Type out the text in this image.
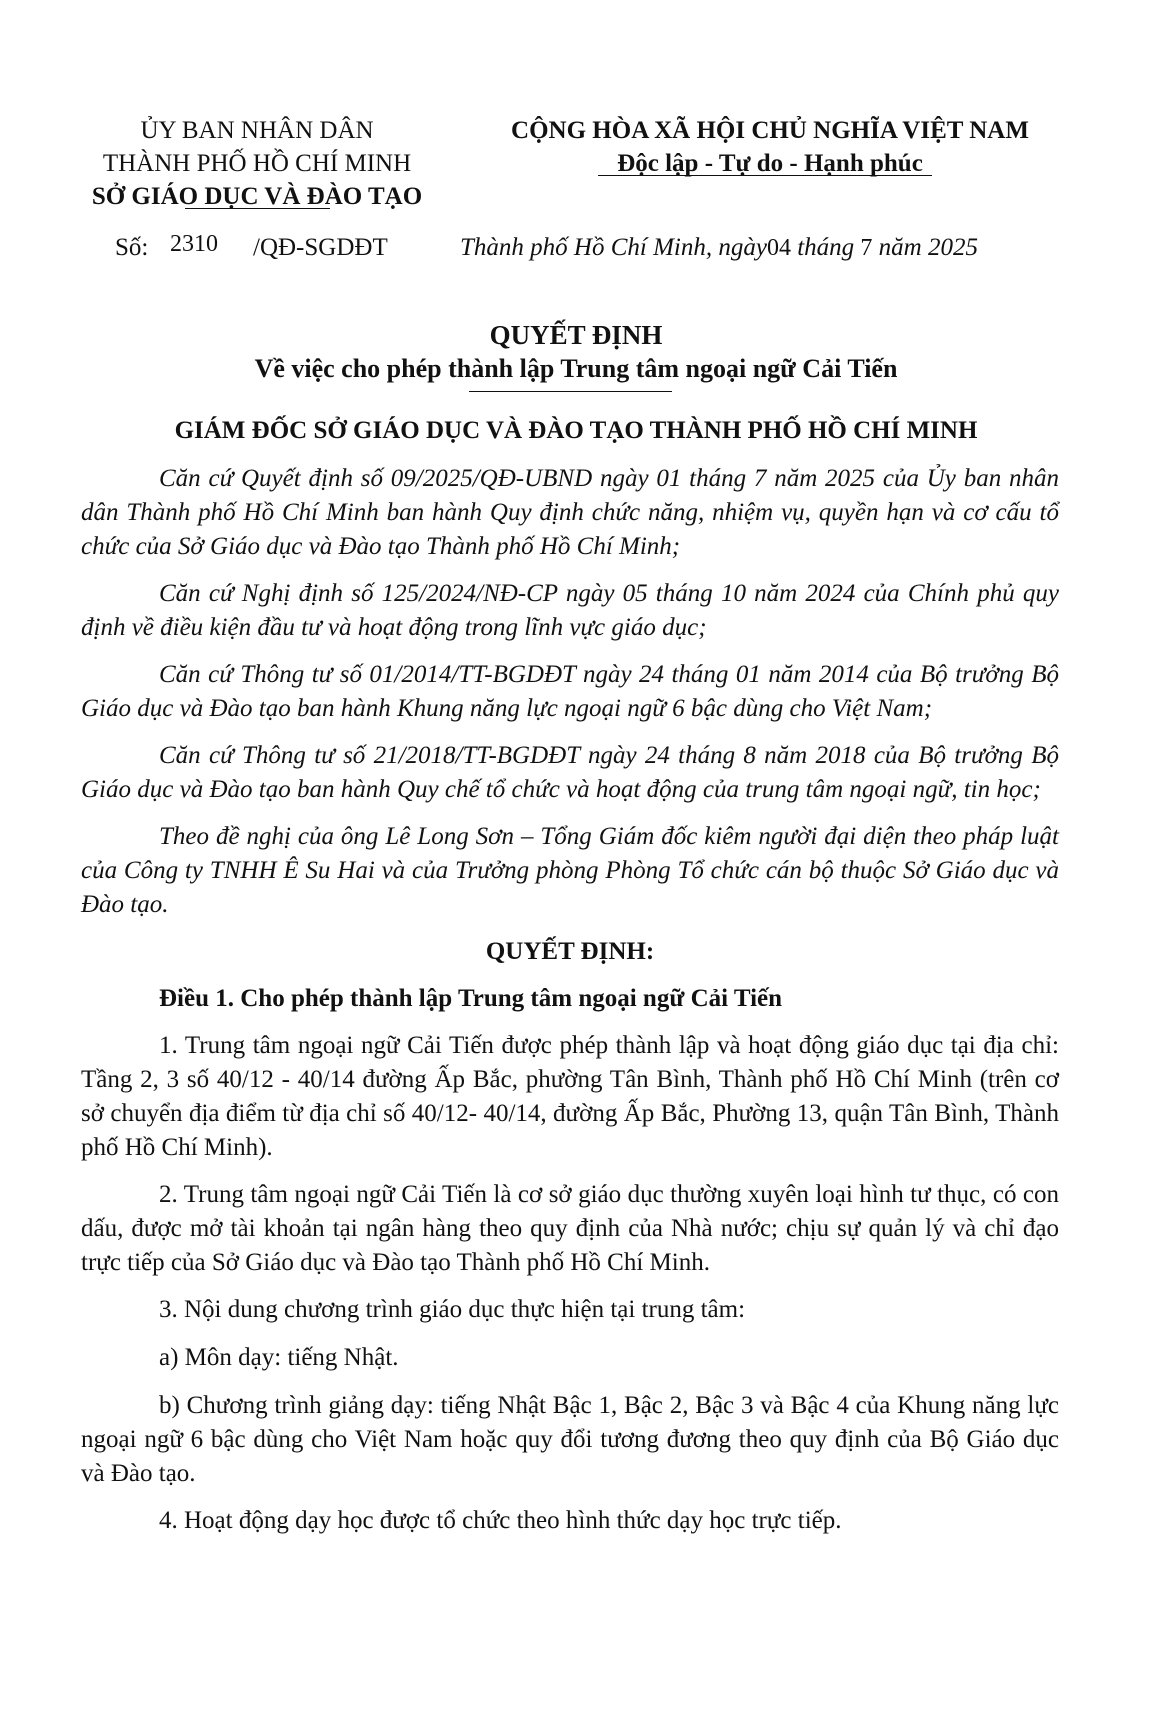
ỦY BAN NHÂN DÂN
THÀNH PHỐ HỒ CHÍ MINH
SỞ GIÁO DỤC VÀ ĐÀO TẠO
CỘNG HÒA XÃ HỘI CHỦ NGHĨA VIỆT NAM
Độc lập - Tự do - Hạnh phúc
Số: 2310 /QĐ-SGDĐT	Thành phố Hồ Chí Minh, ngày04 tháng 7 năm 2025
QUYẾT ĐỊNH
Về việc cho phép thành lập Trung tâm ngoại ngữ Cải Tiến
GIÁM ĐỐC SỞ GIÁO DỤC VÀ ĐÀO TẠO THÀNH PHỐ HỒ CHÍ MINH

Căn cứ Quyết định số 09/2025/QĐ-UBND ngày 01 tháng 7 năm 2025 của Ủy ban nhân dân Thành phố Hồ Chí Minh ban hành Quy định chức năng, nhiệm vụ, quyền hạn và cơ cấu tổ chức của Sở Giáo dục và Đào tạo Thành phố Hồ Chí Minh;

Căn cứ Nghị định số 125/2024/NĐ-CP ngày 05 tháng 10 năm 2024 của Chính phủ quy định về điều kiện đầu tư và hoạt động trong lĩnh vực giáo dục;

Căn cứ Thông tư số 01/2014/TT-BGDĐT ngày 24 tháng 01 năm 2014 của Bộ trưởng Bộ Giáo dục và Đào tạo ban hành Khung năng lực ngoại ngữ 6 bậc dùng cho Việt Nam;

Căn cứ Thông tư số 21/2018/TT-BGDĐT ngày 24 tháng 8 năm 2018 của Bộ trưởng Bộ Giáo dục và Đào tạo ban hành Quy chế tổ chức và hoạt động của trung tâm ngoại ngữ, tin học;

Theo đề nghị của ông Lê Long Sơn – Tổng Giám đốc kiêm người đại diện theo pháp luật của Công ty TNHH Ê Su Hai và của Trưởng phòng Phòng Tổ chức cán bộ thuộc Sở Giáo dục và Đào tạo.

QUYẾT ĐỊNH:

Điều 1. Cho phép thành lập Trung tâm ngoại ngữ Cải Tiến

1. Trung tâm ngoại ngữ Cải Tiến được phép thành lập và hoạt động giáo dục tại địa chỉ: Tầng 2, 3 số 40/12 - 40/14 đường Ấp Bắc, phường Tân Bình, Thành phố Hồ Chí Minh (trên cơ sở chuyển địa điểm từ địa chỉ số 40/12- 40/14, đường Ấp Bắc, Phường 13, quận Tân Bình, Thành phố Hồ Chí Minh).

2. Trung tâm ngoại ngữ Cải Tiến là cơ sở giáo dục thường xuyên loại hình tư thục, có con dấu, được mở tài khoản tại ngân hàng theo quy định của Nhà nước; chịu sự quản lý và chỉ đạo trực tiếp của Sở Giáo dục và Đào tạo Thành phố Hồ Chí Minh.

3. Nội dung chương trình giáo dục thực hiện tại trung tâm:

a) Môn dạy: tiếng Nhật.

b) Chương trình giảng dạy: tiếng Nhật Bậc 1, Bậc 2, Bậc 3 và Bậc 4 của Khung năng lực ngoại ngữ 6 bậc dùng cho Việt Nam hoặc quy đổi tương đương theo quy định của Bộ Giáo dục và Đào tạo.

4. Hoạt động dạy học được tổ chức theo hình thức dạy học trực tiếp.
